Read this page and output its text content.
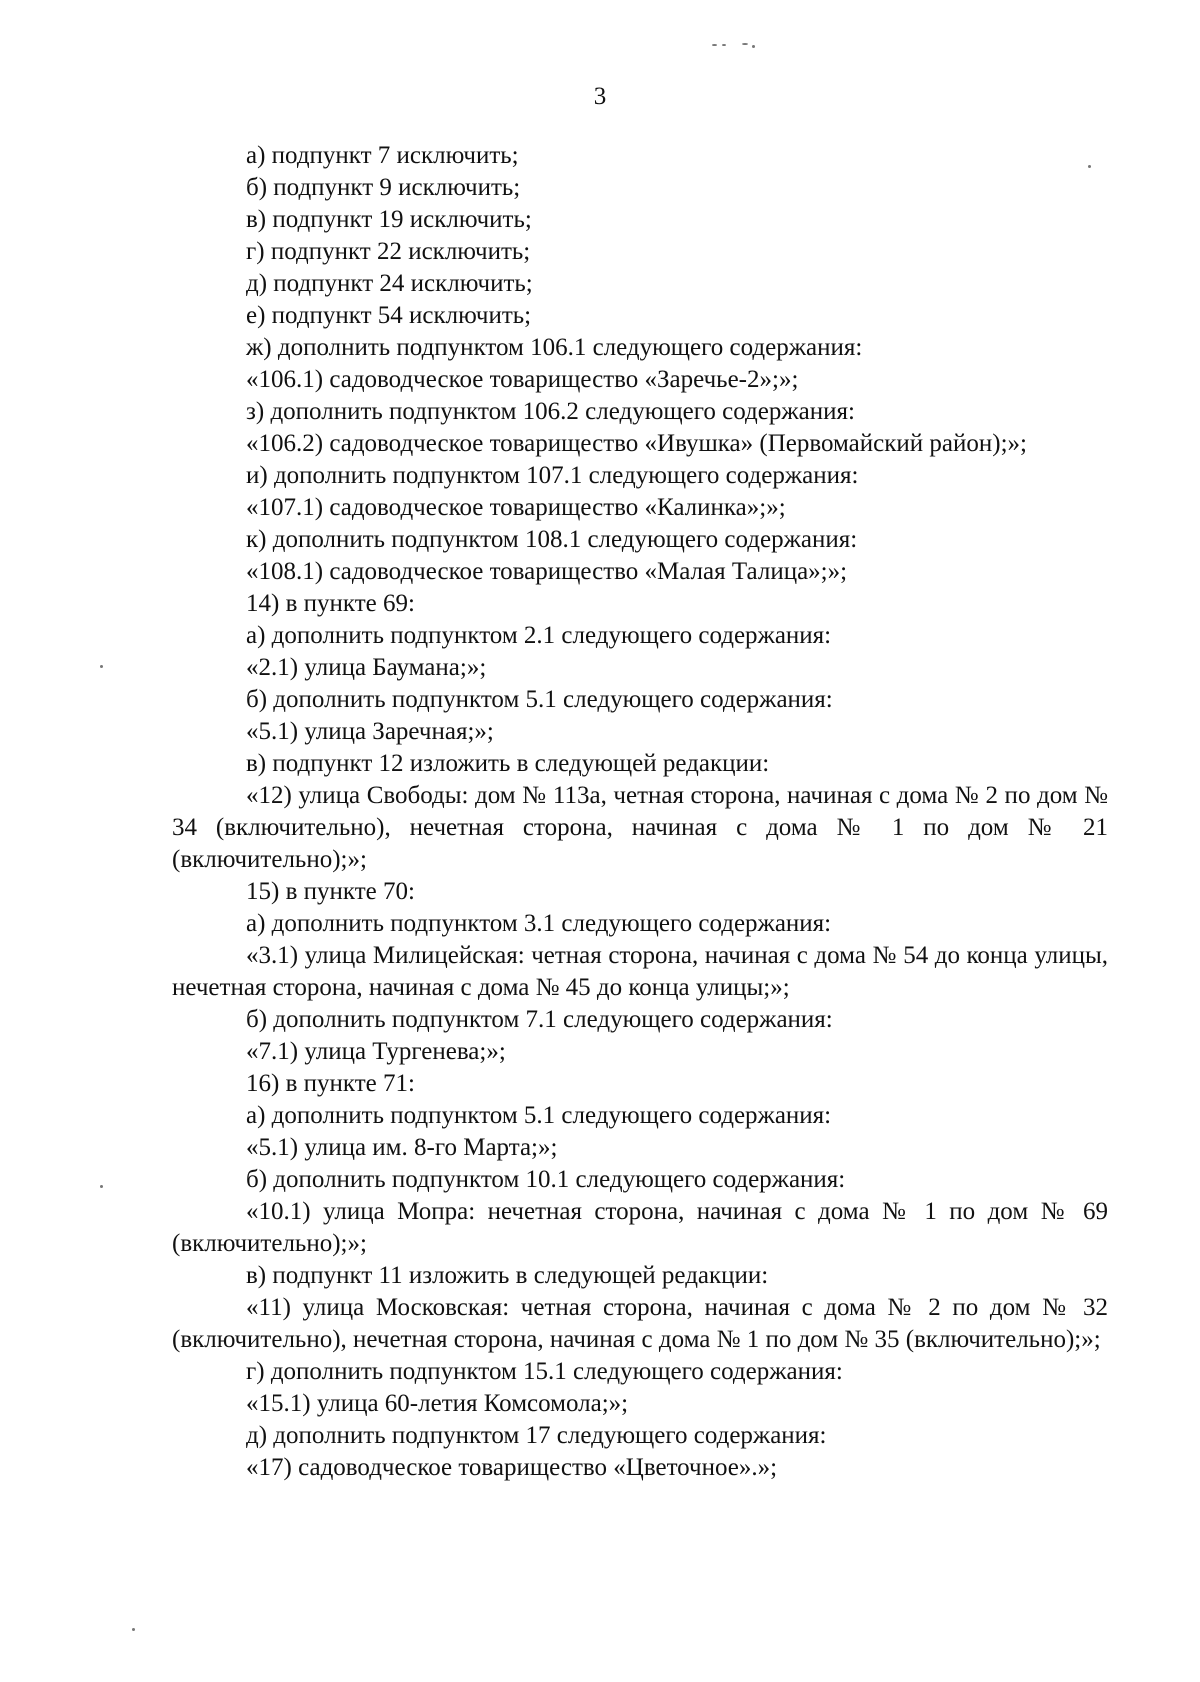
3

а) подпункт 7 исключить;

б) подпункт 9 исключить;

в) подпункт 19 исключить;

г) подпункт 22 исключить;

д) подпункт 24 исключить;

е) подпункт 54 исключить;

ж) дополнить подпунктом 106.1 следующего содержания:

«106.1) садоводческое товарищество «Заречье-2»;»;

з) дополнить подпунктом 106.2 следующего содержания:

«106.2) садоводческое товарищество «Ивушка» (Первомайский район);»;

и) дополнить подпунктом 107.1 следующего содержания:

«107.1) садоводческое товарищество «Калинка»;»;

к) дополнить подпунктом 108.1 следующего содержания:

«108.1) садоводческое товарищество «Малая Талица»;»;

14) в пункте 69:

а) дополнить подпунктом 2.1 следующего содержания:

«2.1) улица Баумана;»;

б) дополнить подпунктом 5.1 следующего содержания:

«5.1) улица Заречная;»;

в) подпункт 12 изложить в следующей редакции:

«12) улица Свободы: дом № 113а, четная сторона, начиная с дома № 2 по дом № 34 (включительно), нечетная сторона, начиная с дома № 1 по дом № 21 (включительно);»;

15) в пункте 70:

а) дополнить подпунктом 3.1 следующего содержания:

«3.1) улица Милицейская: четная сторона, начиная с дома № 54 до конца улицы, нечетная сторона, начиная с дома № 45 до конца улицы;»;

б) дополнить подпунктом 7.1 следующего содержания:

«7.1) улица Тургенева;»;

16) в пункте 71:

а) дополнить подпунктом 5.1 следующего содержания:

«5.1) улица им. 8-го Марта;»;

б) дополнить подпунктом 10.1 следующего содержания:

«10.1) улица Мопра: нечетная сторона, начиная с дома № 1 по дом № 69 (включительно);»;

в) подпункт 11 изложить в следующей редакции:

«11) улица Московская: четная сторона, начиная с дома № 2 по дом № 32 (включительно), нечетная сторона, начиная с дома № 1 по дом № 35 (включительно);»;

г) дополнить подпунктом 15.1 следующего содержания:

«15.1) улица 60-летия Комсомола;»;

д) дополнить подпунктом 17 следующего содержания:

«17) садоводческое товарищество «Цветочное».»;
